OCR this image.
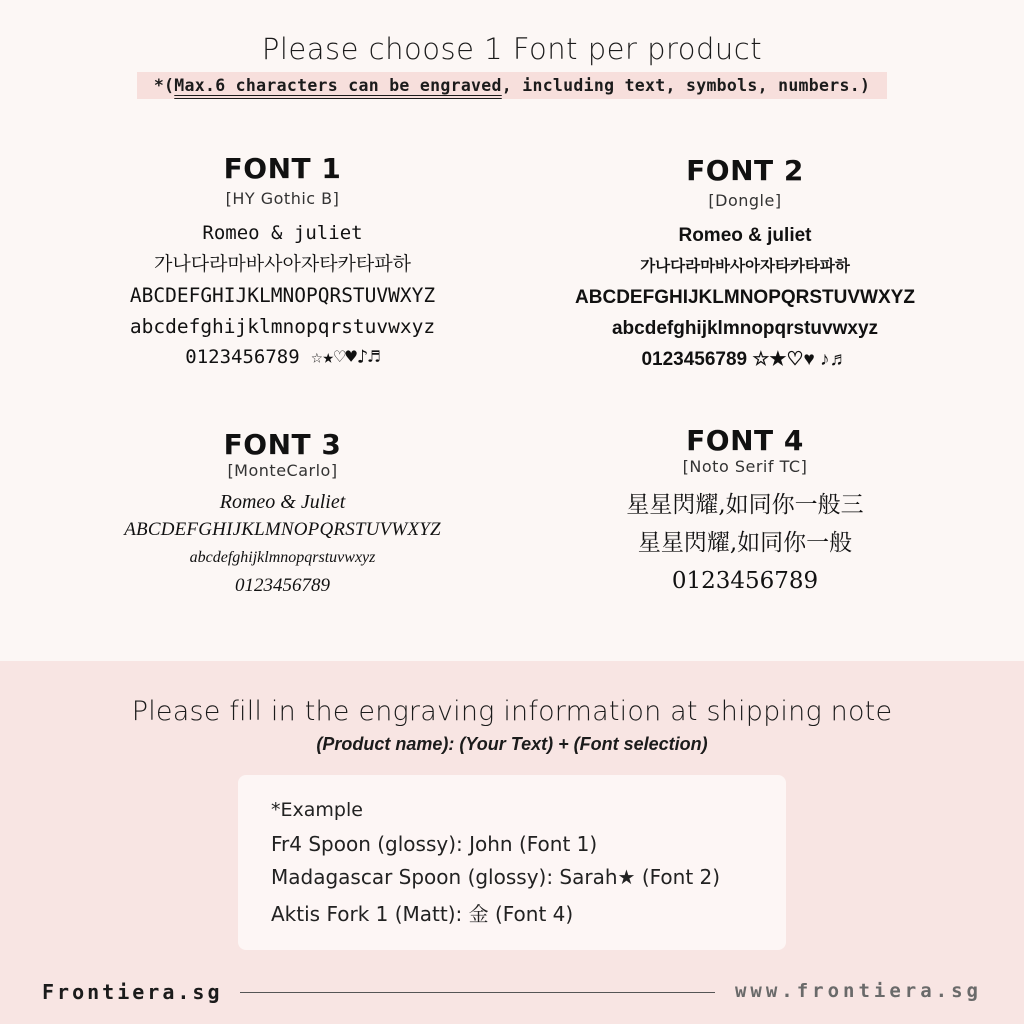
Please choose 1 Font per product
*(Max.6 characters can be engraved, including text, symbols, numbers.)
FONT 1
[HY Gothic B]
Romeo & juliet
가나다라마바사아자타카타파하
ABCDEFGHIJKLMNOPQRSTUVWXYZ
abcdefghijklmnopqrstuvwxyz
0123456789 ☆★♡♥♪♬
FONT 2
[Dongle]
Romeo & juliet
가나다라마바사아자타카타파하
ABCDEFGHIJKLMNOPQRSTUVWXYZ
abcdefghijklmnopqrstuvwxyz
0123456789 ☆★♡♥ ♪♬
FONT 3
[MonteCarlo]
Romeo & Juliet
ABCDEFGHIJKLMNOPQRSTUVWXYZ
abcdefghijklmnopqrstuvwxyz
0123456789
FONT 4
[Noto Serif TC]
星星閃耀,如同你一般三
星星閃耀,如同你一般
0123456789
Please fill in the engraving information at shipping note
(Product name): (Your Text) + (Font selection)
*Example
Fr4 Spoon (glossy): John (Font 1)
Madagascar Spoon (glossy): Sarah★ (Font 2)
Aktis Fork 1 (Matt): 金 (Font 4)
Frontiera.sg	www.frontiera.sg
